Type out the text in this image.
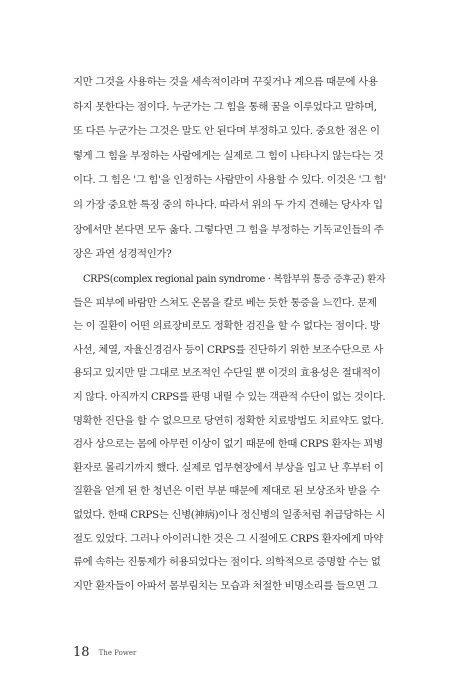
지만 그것을 사용하는 것을 세속적이라며 꾸짖거나 계으름 때문에 사용
하지 못한다는 점이다. 누군가는 그 힘을 통해 꿈을 이루었다고 말하며,
또 다른 누군가는 그것은 말도 안 된다며 부정하고 있다. 중요한 점은 이
렇게 그 힘을 부정하는 사람에게는 실제로 그 힘이 나타나지 않는다는 것
이다. 그 힘은 '그 힘'을 인정하는 사람만이 사용할 수 있다. 이것은 '그 힘'
의 가장 중요한 특징 중의 하나다. 따라서 위의 두 가지 견해는 당사자 입
장에서만 본다면 모두 옳다. 그렇다면 그 힘을 부정하는 기독교인들의 주
장은 과연 성경적인가?
CRPS(complex regional pain syndrome · 복합부위 통증 증후군) 환자
들은 피부에 바람만 스쳐도 온몸을 칼로 베는 듯한 통증을 느낀다. 문제
는 이 질환이 어떤 의료장비로도 정확한 검진을 할 수 없다는 점이다. 방
사선, 체열, 자율신경검사 등이 CRPS를 진단하기 위한 보조수단으로 사
용되고 있지만 말 그대로 보조적인 수단일 뿐 이것의 효용성은 절대적이
지 않다. 아직까지 CRPS를 판명 내릴 수 있는 객관적 수단이 없는 것이다.
명확한 진단을 할 수 없으므로 당연히 정확한 치료방법도 치료약도 없다.
검사 상으로는 몸에 아무런 이상이 없기 때문에 한때 CRPS 환자는 꾀병
환자로 몰리기까지 했다. 실제로 업무현장에서 부상을 입고 난 후부터 이
질환을 얻게 된 한 청년은 이런 부분 때문에 제대로 된 보상조차 받을 수
없었다. 한때 CRPS는 신병(神病)이나 정신병의 일종처럼 취급당하는 시
절도 있었다. 그러나 아이러니한 것은 그 시절에도 CRPS 환자에게 마약
류에 속하는 진통제가 허용되었다는 점이다. 의학적으로 증명할 수는 없
지만 환자들이 아파서 몸부림치는 모습과 처절한 비명소리를 들으면 그
18 The Power
